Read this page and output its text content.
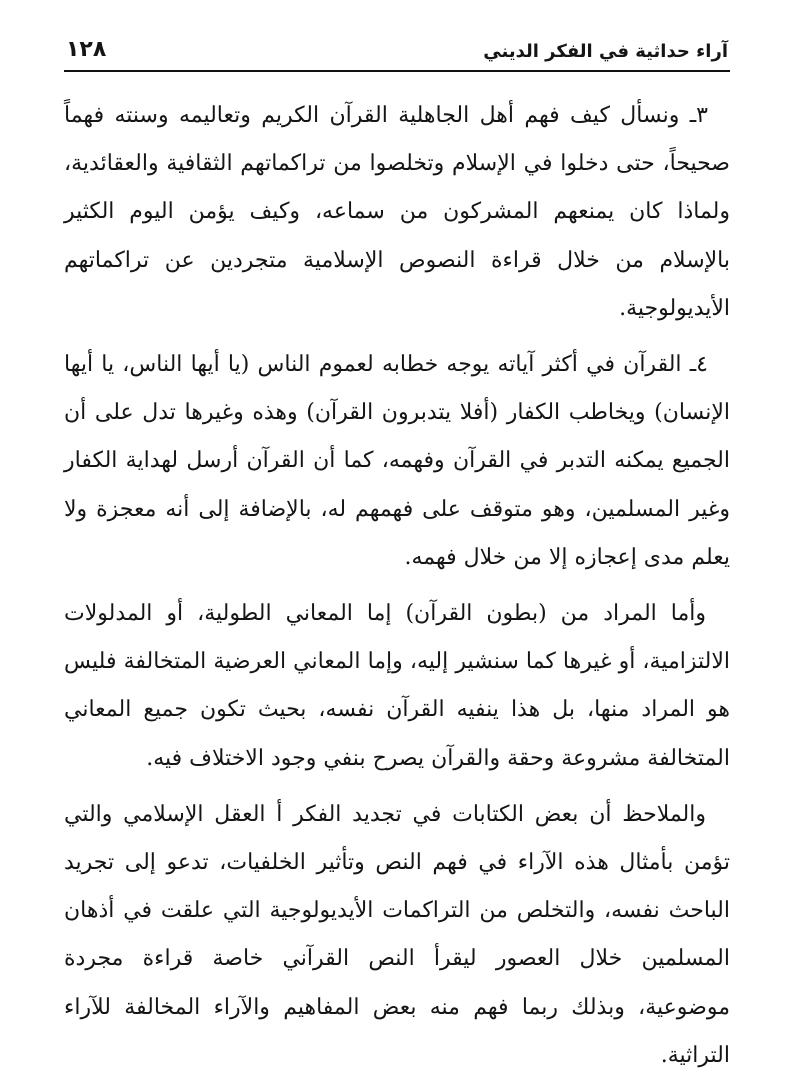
آراء حداثية في الفكر الديني
١٢٨

٣ـ ونسأل كيف فهم أهل الجاهلية القرآن الكريم وتعاليمه وسنته فهماً صحيحاً، حتى دخلوا في الإسلام وتخلصوا من تراكماتهم الثقافية والعقائدية، ولماذا كان يمنعهم المشركون من سماعه، وكيف يؤمن اليوم الكثير بالإسلام من خلال قراءة النصوص الإسلامية متجردين عن تراكماتهم الأيديولوجية.

٤ـ القرآن في أكثر آياته يوجه خطابه لعموم الناس (يا أيها الناس، يا أيها الإنسان) ويخاطب الكفار (أفلا يتدبرون القرآن) وهذه وغيرها تدل على أن الجميع يمكنه التدبر في القرآن وفهمه، كما أن القرآن أرسل لهداية الكفار وغير المسلمين، وهو متوقف على فهمهم له، بالإضافة إلى أنه معجزة ولا يعلم مدى إعجازه إلا من خلال فهمه.

وأما المراد من (بطون القرآن) إما المعاني الطولية، أو المدلولات الالتزامية، أو غيرها كما سنشير إليه، وإما المعاني العرضية المتخالفة فليس هو المراد منها، بل هذا ينفيه القرآن نفسه، بحيث تكون جميع المعاني المتخالفة مشروعة وحقة والقرآن يصرح بنفي وجود الاختلاف فيه.

والملاحظ أن بعض الكتابات في تجديد الفكر أ العقل الإسلامي والتي تؤمن بأمثال هذه الآراء في فهم النص وتأثير الخلفيات، تدعو إلى تجريد الباحث نفسه، والتخلص من التراكمات الأيديولوجية التي علقت في أذهان المسلمين خلال العصور ليقرأ النص القرآني خاصة قراءة مجردة موضوعية، وبذلك ربما فهم منه بعض المفاهيم والآراء المخالفة للآراء التراثية.
